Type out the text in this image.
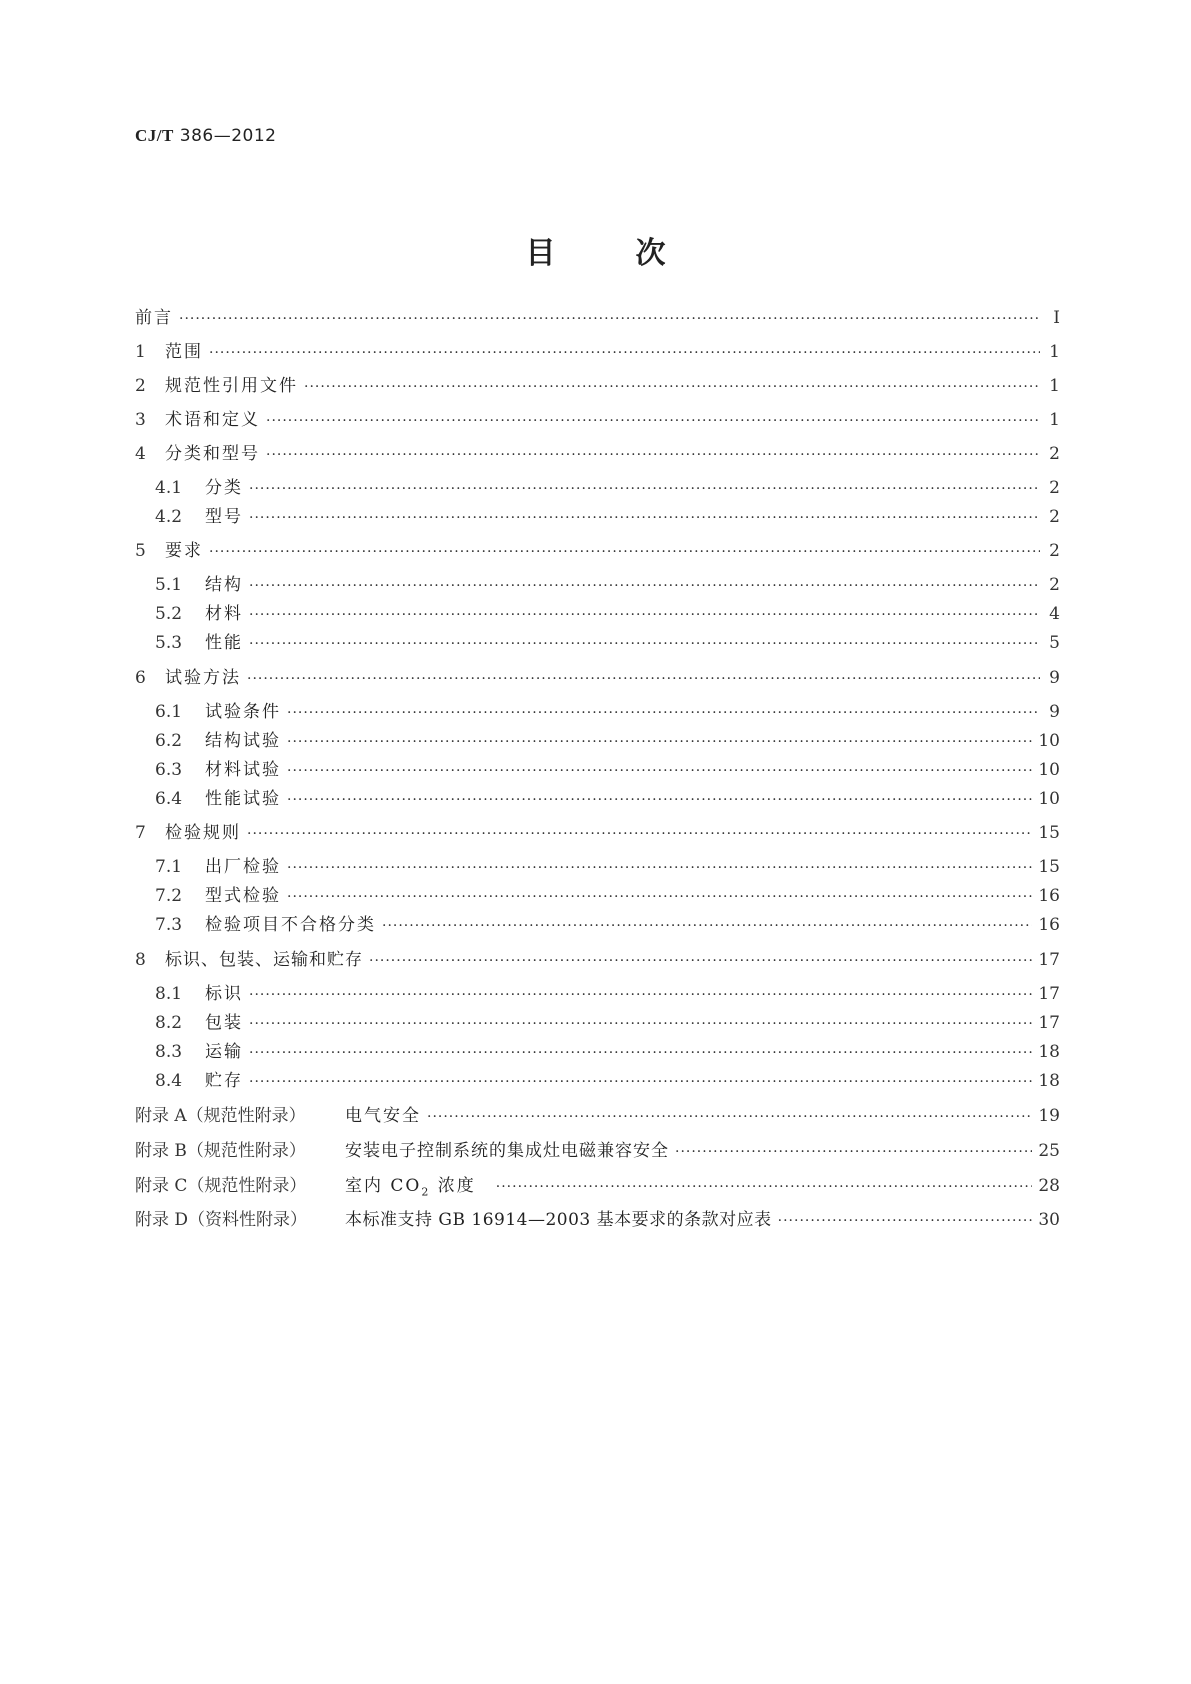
CJ/T 386—2012
目	次
前言 ·····	Ⅰ
1	范围 ·····	1
2	规范性引用文件 ·····	1
3	术语和定义 ·····	1
4	分类和型号 ·····	2
4.1	分类 ·····	2
4.2	型号 ·····	2
5	要求 ·····	2
5.1	结构 ·····	2
5.2	材料 ·····	4
5.3	性能 ·····	5
6	试验方法 ·····	9
6.1	试验条件 ·····	9
6.2	结构试验 ·····	10
6.3	材料试验 ·····	10
6.4	性能试验 ·····	10
7	检验规则 ·····	15
7.1	出厂检验 ·····	15
7.2	型式检验 ·····	16
7.3	检验项目不合格分类 ·····	16
8	标识、包装、运输和贮存 ·····	17
8.1	标识 ·····	17
8.2	包装 ·····	17
8.3	运输 ·····	18
8.4	贮存 ·····	18
附录 A（规范性附录）	电气安全 ·····	19
附录 B（规范性附录）	安装电子控制系统的集成灶电磁兼容安全 ·····	25
附录 C（规范性附录）	室内 $CO_2$ 浓度 ·····	28
附录 D（资料性附录）	本标准支持 GB 16914—2003 基本要求的条款对应表 ·····	30
